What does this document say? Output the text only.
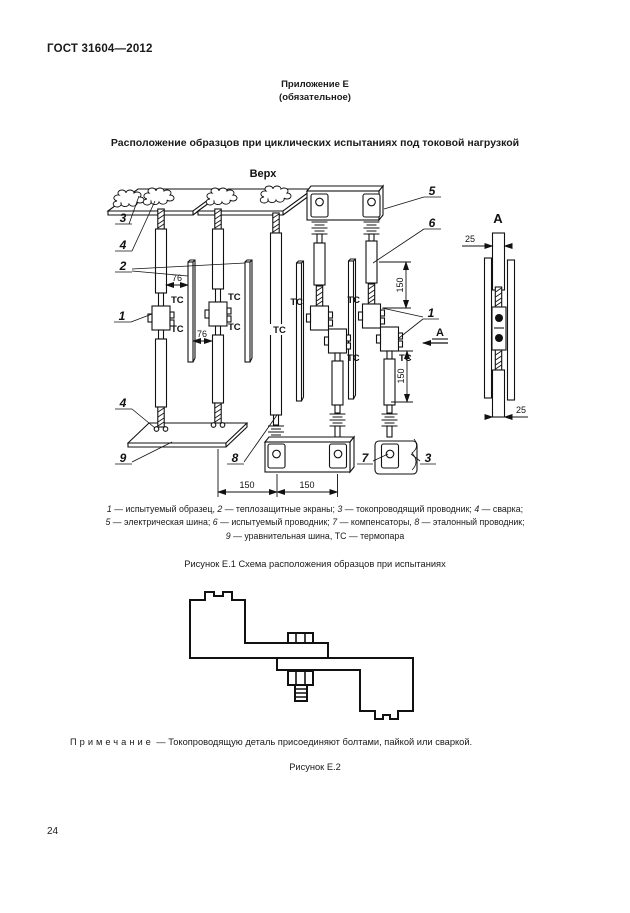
ГОСТ 31604—2012
Приложение Е
(обязательное)
Расположение образцов при циклических испытаниях под токовой нагрузкой
76
76
150
150
150	150
ТС
ТС
ТС
ТС	ТС
ТС	ТС
ТС	ТС
Верх
3
4
2
1
4
9	8	7	3
5
6
1
А
А
25
25
1 — испытуемый образец, 2 — теплозащитные экраны; 3 — токопроводящий проводник; 4 — сварка;
5 — электрическая шина; 6 — испытуемый проводник; 7 — компенсаторы, 8 — эталонный проводник;
9 — уравнительная шина, ТС — термопара
Рисунок Е.1 Схема расположения образцов при испытаниях
Примечание — Токопроводящую деталь присоединяют болтами, пайкой или сваркой.
Рисунок Е.2
24
